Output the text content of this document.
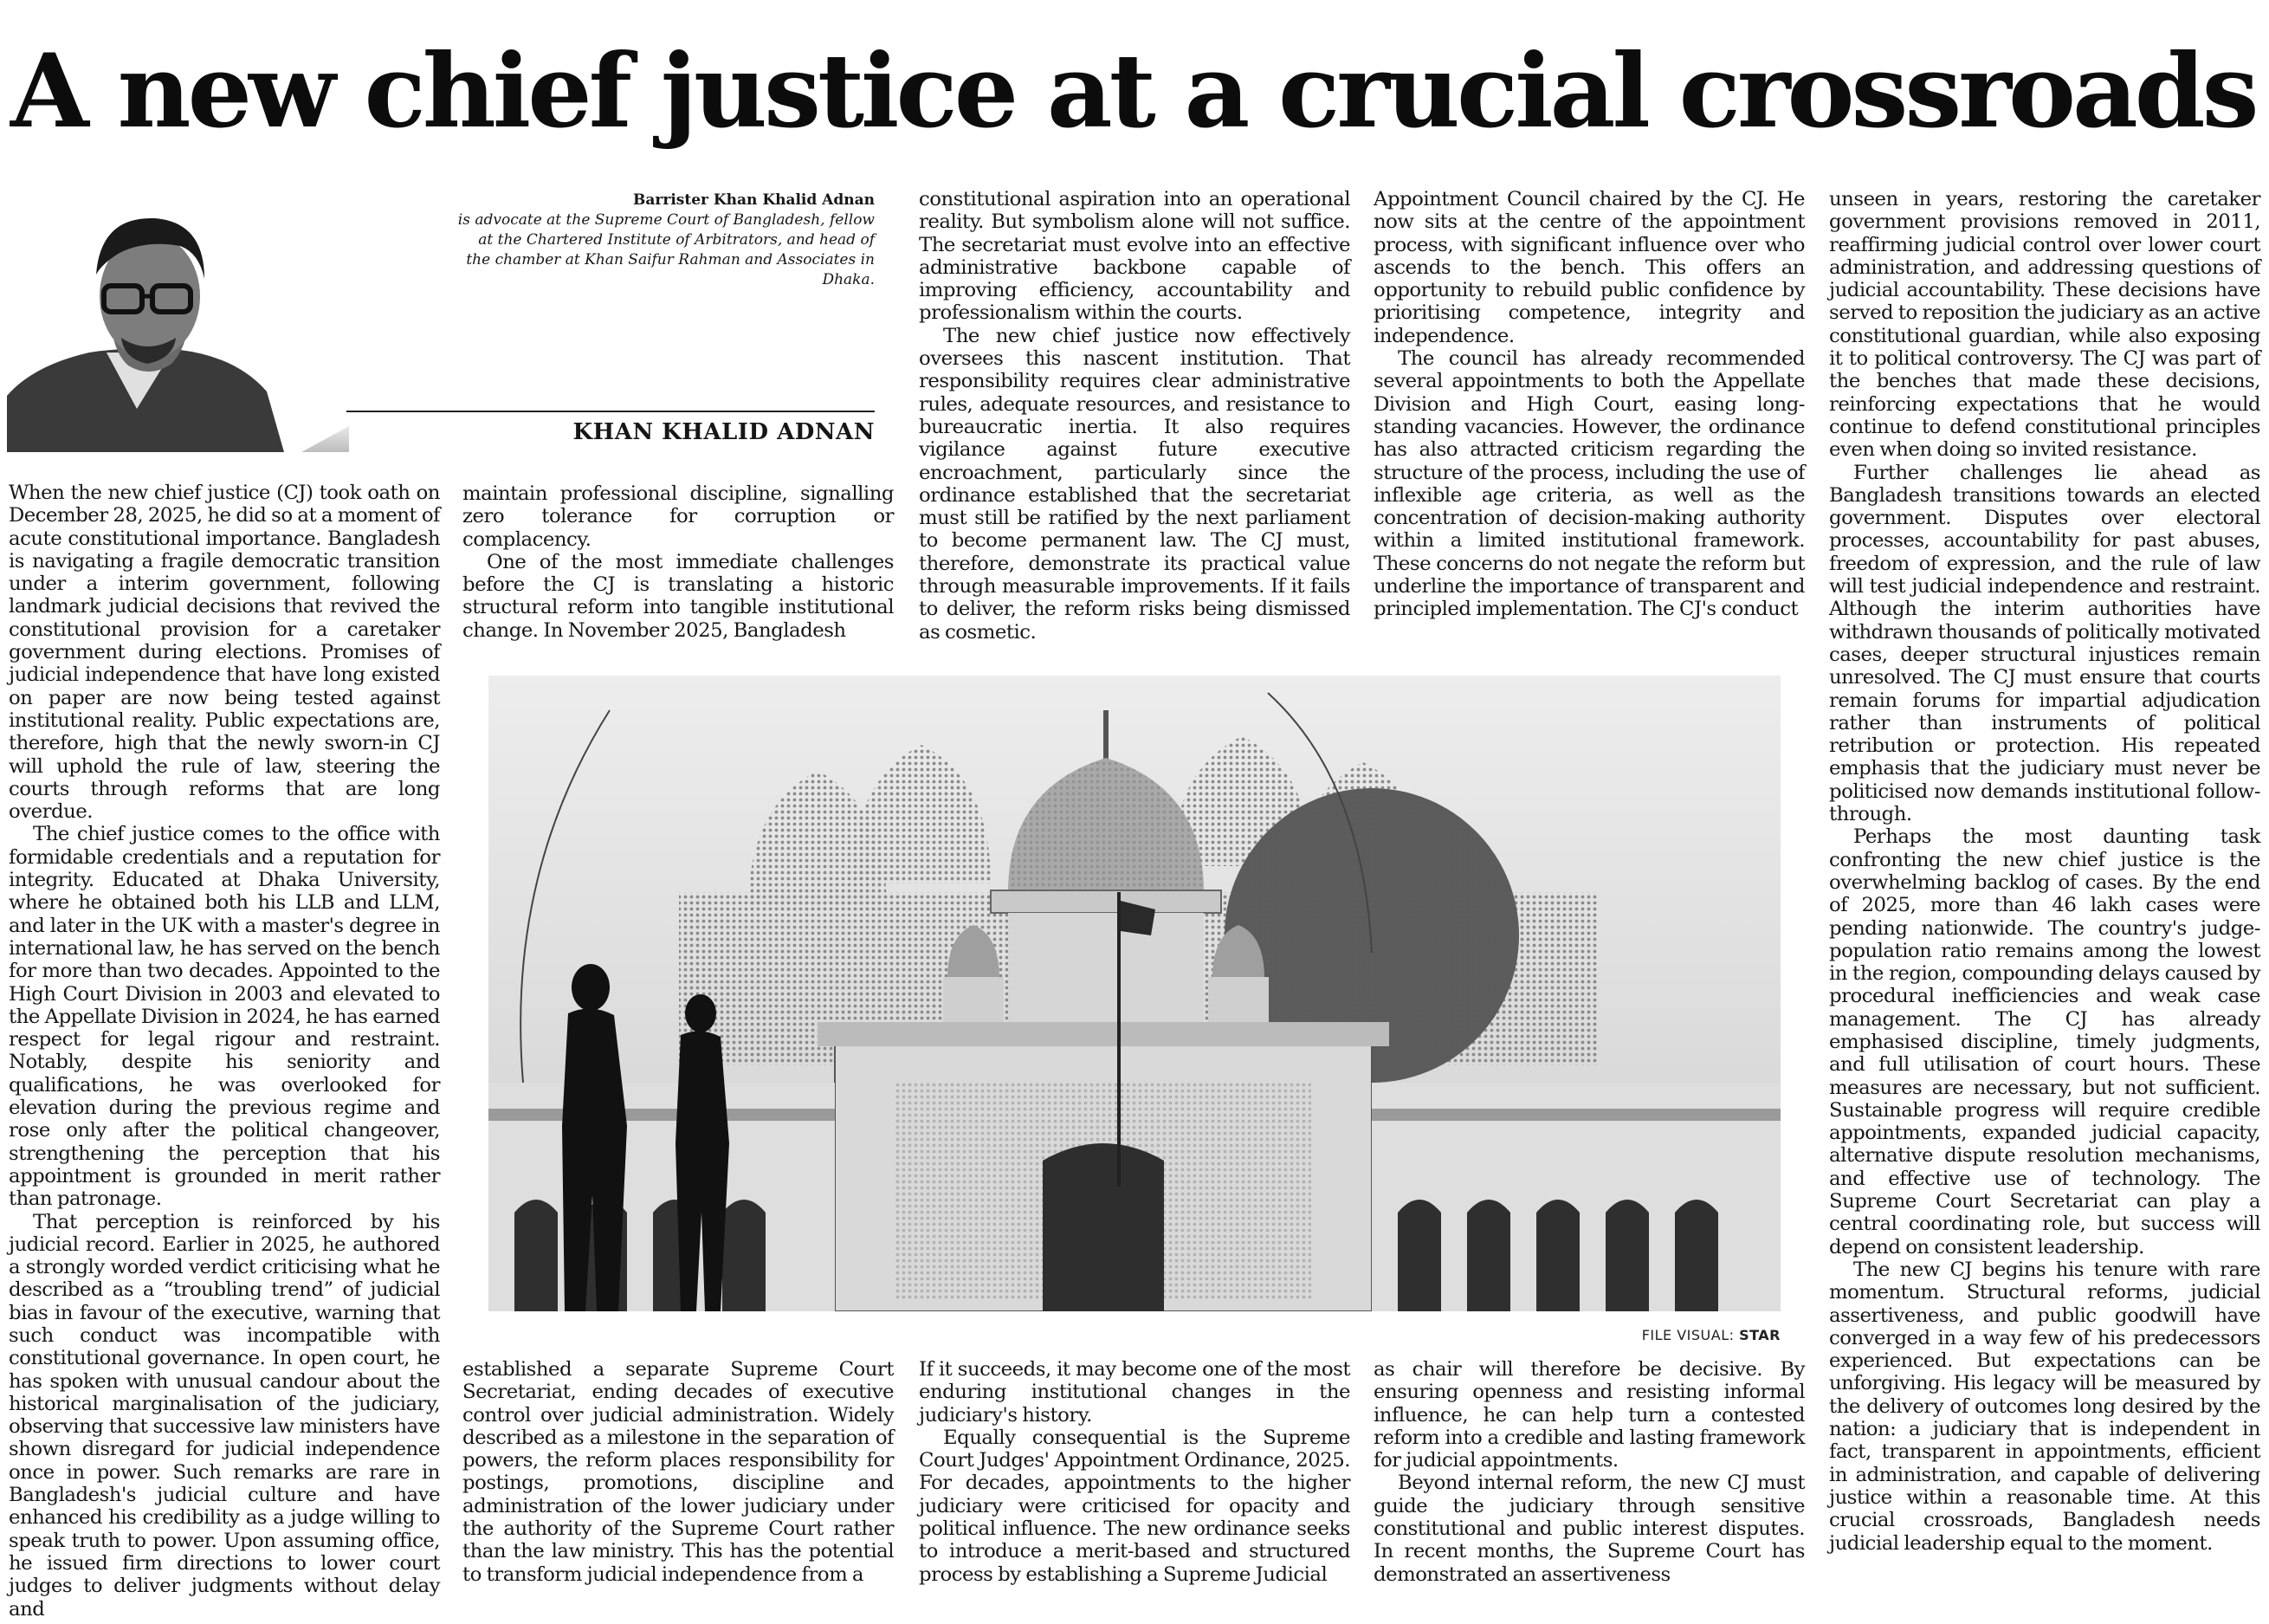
A new chief justice at a crucial crossroads
Barrister Khan Khalid Adnan
is advocate at the Supreme Court of Bangladesh, fellow at the Chartered Institute of Arbitrators, and head of the chamber at Khan Saifur Rahman and Associates in Dhaka.
KHAN KHALID ADNAN

When the new chief justice (CJ) took oath on December 28, 2025, he did so at a moment of acute constitutional importance. Bangladesh is navigating a fragile democratic transition under a interim government, following landmark judicial decisions that revived the constitutional provision for a caretaker government during elections. Promises of judicial independence that have long existed on paper are now being tested against institutional reality. Public expectations are, therefore, high that the newly sworn-in CJ will uphold the rule of law, steering the courts through reforms that are long overdue.

The chief justice comes to the office with formidable credentials and a reputation for integrity. Educated at Dhaka University, where he obtained both his LLB and LLM, and later in the UK with a master's degree in international law, he has served on the bench for more than two decades. Appointed to the High Court Division in 2003 and elevated to the Appellate Division in 2024, he has earned respect for legal rigour and restraint. Notably, despite his seniority and qualifications, he was overlooked for elevation during the previous regime and rose only after the political changeover, strengthening the perception that his appointment is grounded in merit rather than patronage.

That perception is reinforced by his judicial record. Earlier in 2025, he authored a strongly worded verdict criticising what he described as a “troubling trend” of judicial bias in favour of the executive, warning that such conduct was incompatible with constitutional governance. In open court, he has spoken with unusual candour about the historical marginalisation of the judiciary, observing that successive law ministers have shown disregard for judicial independence once in power. Such remarks are rare in Bangladesh's judicial culture and have enhanced his credibility as a judge willing to speak truth to power. Upon assuming office, he issued firm directions to lower court judges to deliver judgments without delay and

maintain professional discipline, signalling zero tolerance for corruption or complacency.

One of the most immediate challenges before the CJ is translating a historic structural reform into tangible institutional change. In November 2025, Bangladesh

constitutional aspiration into an operational reality. But symbolism alone will not suffice. The secretariat must evolve into an effective administrative backbone capable of improving efficiency, accountability and professionalism within the courts.

The new chief justice now effectively oversees this nascent institution. That responsibility requires clear administrative rules, adequate resources, and resistance to bureaucratic inertia. It also requires vigilance against future executive encroachment, particularly since the ordinance established that the secretariat must still be ratified by the next parliament to become permanent law. The CJ must, therefore, demonstrate its practical value through measurable improvements. If it fails to deliver, the reform risks being dismissed as cosmetic.

Appointment Council chaired by the CJ. He now sits at the centre of the appointment process, with significant influence over who ascends to the bench. This offers an opportunity to rebuild public confidence by prioritising competence, integrity and independence.

The council has already recommended several appointments to both the Appellate Division and High Court, easing long-standing vacancies. However, the ordinance has also attracted criticism regarding the structure of the process, including the use of inflexible age criteria, as well as the concentration of decision-making authority within a limited institutional framework. These concerns do not negate the reform but underline the importance of transparent and principled implementation. The CJ's conduct

unseen in years, restoring the caretaker government provisions removed in 2011, reaffirming judicial control over lower court administration, and addressing questions of judicial accountability. These decisions have served to reposition the judiciary as an active constitutional guardian, while also exposing it to political controversy. The CJ was part of the benches that made these decisions, reinforcing expectations that he would continue to defend constitutional principles even when doing so invited resistance.

Further challenges lie ahead as Bangladesh transitions towards an elected government. Disputes over electoral processes, accountability for past abuses, freedom of expression, and the rule of law will test judicial independence and restraint. Although the interim authorities have withdrawn thousands of politically motivated cases, deeper structural injustices remain unresolved. The CJ must ensure that courts remain forums for impartial adjudication rather than instruments of political retribution or protection. His repeated emphasis that the judiciary must never be politicised now demands institutional follow-through.

Perhaps the most daunting task confronting the new chief justice is the overwhelming backlog of cases. By the end of 2025, more than 46 lakh cases were pending nationwide. The country's judge-population ratio remains among the lowest in the region, compounding delays caused by procedural inefficiencies and weak case management. The CJ has already emphasised discipline, timely judgments, and full utilisation of court hours. These measures are necessary, but not sufficient. Sustainable progress will require credible appointments, expanded judicial capacity, alternative dispute resolution mechanisms, and effective use of technology. The Supreme Court Secretariat can play a central coordinating role, but success will depend on consistent leadership.

The new CJ begins his tenure with rare momentum. Structural reforms, judicial assertiveness, and public goodwill have converged in a way few of his predecessors experienced. But expectations can be unforgiving. His legacy will be measured by the delivery of outcomes long desired by the nation: a judiciary that is independent in fact, transparent in appointments, efficient in administration, and capable of delivering justice within a reasonable time. At this crucial crossroads, Bangladesh needs judicial leadership equal to the moment.

FILE VISUAL: STAR

established a separate Supreme Court Secretariat, ending decades of executive control over judicial administration. Widely described as a milestone in the separation of powers, the reform places responsibility for postings, promotions, discipline and administration of the lower judiciary under the authority of the Supreme Court rather than the law ministry. This has the potential to transform judicial independence from a

If it succeeds, it may become one of the most enduring institutional changes in the judiciary's history.

Equally consequential is the Supreme Court Judges' Appointment Ordinance, 2025. For decades, appointments to the higher judiciary were criticised for opacity and political influence. The new ordinance seeks to introduce a merit-based and structured process by establishing a Supreme Judicial

as chair will therefore be decisive. By ensuring openness and resisting informal influence, he can help turn a contested reform into a credible and lasting framework for judicial appointments.

Beyond internal reform, the new CJ must guide the judiciary through sensitive constitutional and public interest disputes. In recent months, the Supreme Court has demonstrated an assertiveness
